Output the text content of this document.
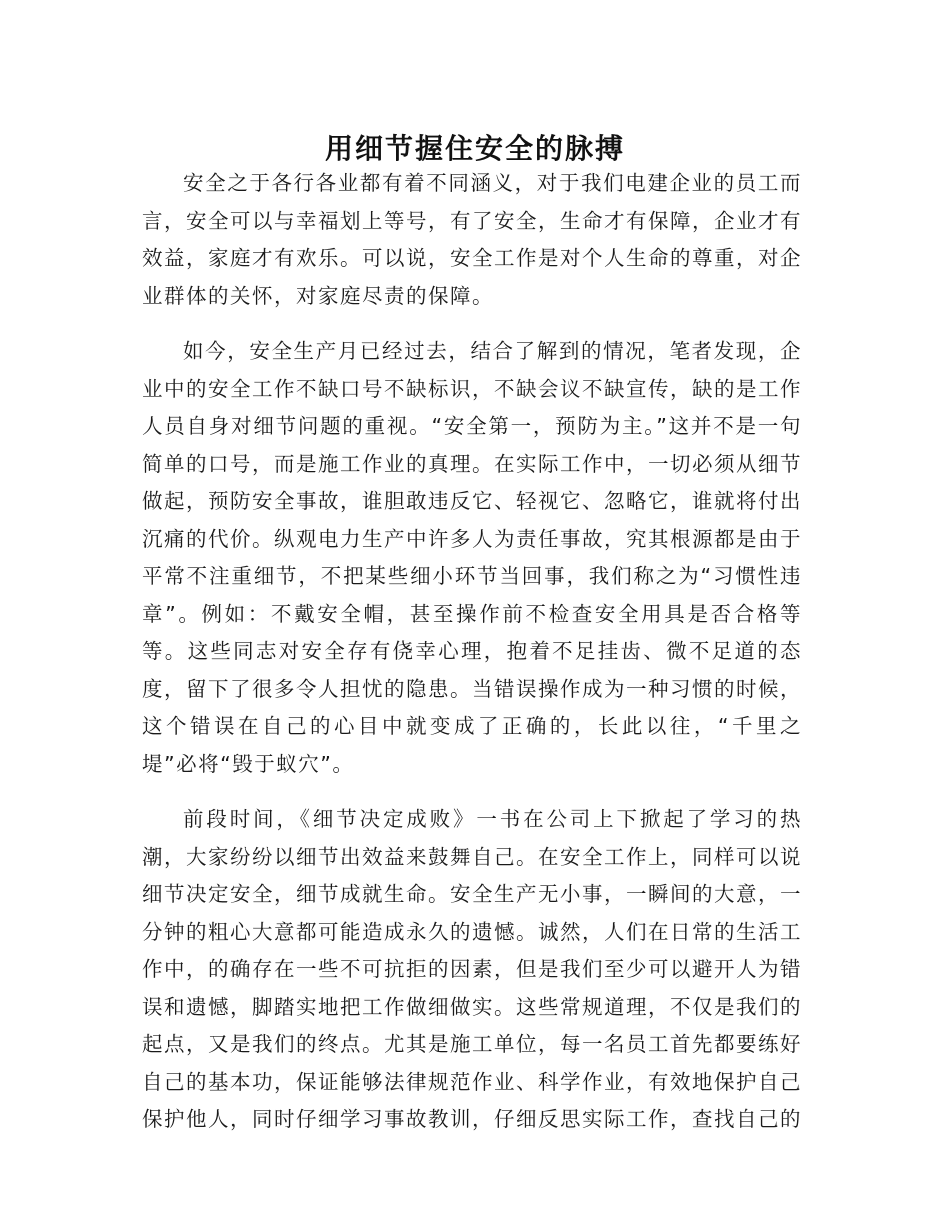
用细节握住安全的脉搏

安全之于各行各业都有着不同涵义，对于我们电建企业的员工而言，安全可以与幸福划上等号，有了安全，生命才有保障，企业才有效益，家庭才有欢乐。可以说，安全工作是对个人生命的尊重，对企业群体的关怀，对家庭尽责的保障。

如今，安全生产月已经过去，结合了解到的情况，笔者发现，企业中的安全工作不缺口号不缺标识，不缺会议不缺宣传，缺的是工作人员自身对细节问题的重视。“安全第一，预防为主。”这并不是一句简单的口号，而是施工作业的真理。在实际工作中，一切必须从细节做起，预防安全事故，谁胆敢违反它、轻视它、忽略它，谁就将付出沉痛的代价。纵观电力生产中许多人为责任事故，究其根源都是由于平常不注重细节，不把某些细小环节当回事，我们称之为“习惯性违章”。例如：不戴安全帽，甚至操作前不检查安全用具是否合格等等。这些同志对安全存有侥幸心理，抱着不足挂齿、微不足道的态度，留下了很多令人担忧的隐患。当错误操作成为一种习惯的时候，这个错误在自己的心目中就变成了正确的，长此以往，“千里之堤”必将“毁于蚁穴”。

前段时间，《细节决定成败》一书在公司上下掀起了学习的热潮，大家纷纷以细节出效益来鼓舞自己。在安全工作上，同样可以说细节决定安全，细节成就生命。安全生产无小事，一瞬间的大意，一分钟的粗心大意都可能造成永久的遗憾。诚然，人们在日常的生活工作中，的确存在一些不可抗拒的因素，但是我们至少可以避开人为错误和遗憾，脚踏实地把工作做细做实。这些常规道理，不仅是我们的起点，又是我们的终点。尤其是施工单位，每一名员工首先都要练好自己的基本功，保证能够法律规范作业、科学作业，有效地保护自己保护他人，同时仔细学习事故教训，仔细反思实际工作，查找自己的
